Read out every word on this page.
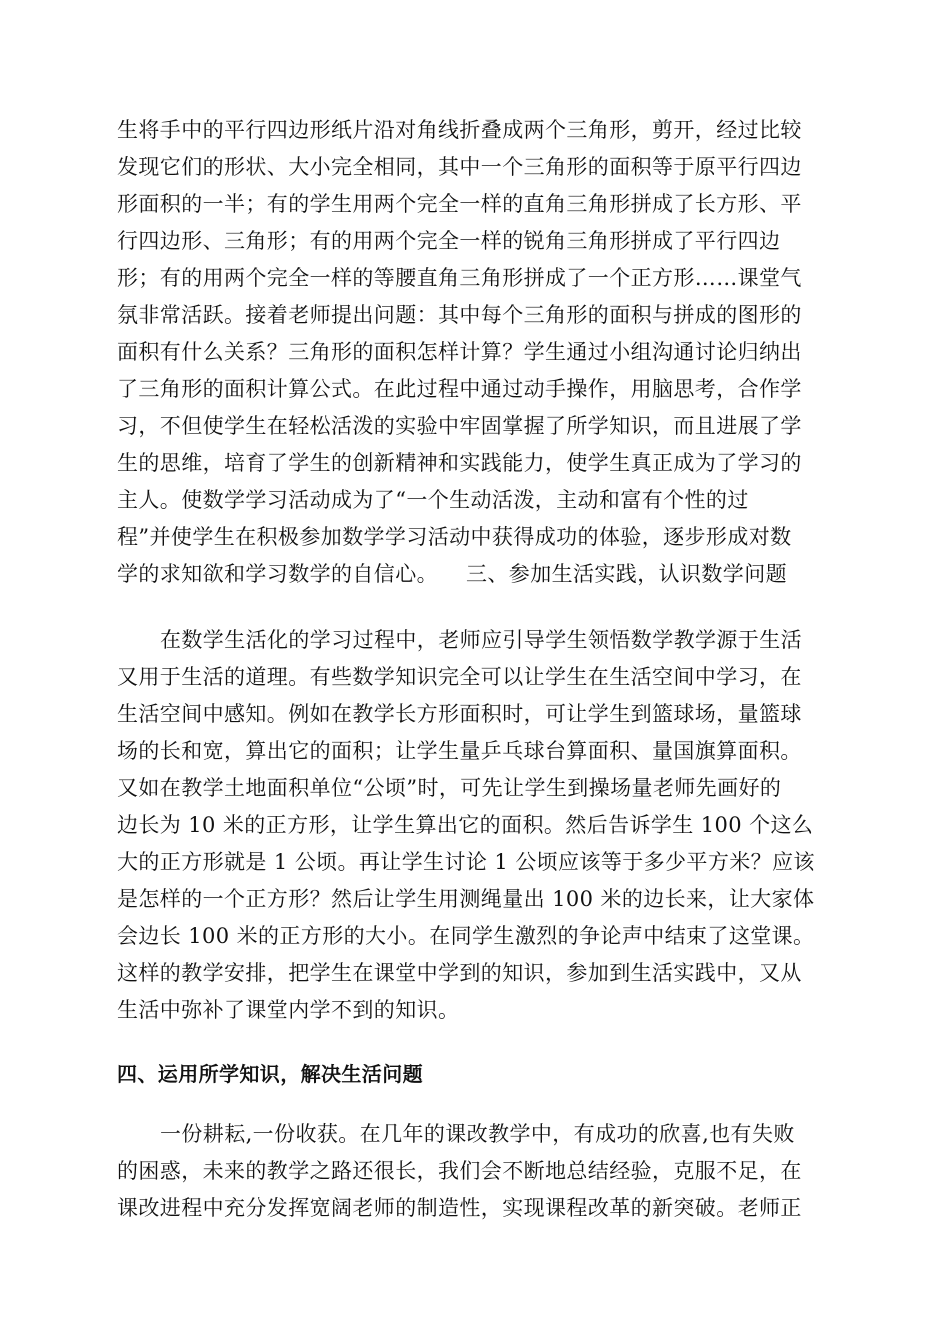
生将手中的平行四边形纸片沿对角线折叠成两个三角形，剪开，经过比较
发现它们的形状、大小完全相同，其中一个三角形的面积等于原平行四边
形面积的一半；有的学生用两个完全一样的直角三角形拼成了长方形、平
行四边形、三角形；有的用两个完全一样的锐角三角形拼成了平行四边
形；有的用两个完全一样的等腰直角三角形拼成了一个正方形……课堂气
氛非常活跃。接着老师提出问题：其中每个三角形的面积与拼成的图形的
面积有什么关系？三角形的面积怎样计算？学生通过小组沟通讨论归纳出
了三角形的面积计算公式。在此过程中通过动手操作，用脑思考，合作学
习，不但使学生在轻松活泼的实验中牢固掌握了所学知识，而且进展了学
生的思维，培育了学生的创新精神和实践能力，使学生真正成为了学习的
主人。使数学学习活动成为了“一个生动活泼，主动和富有个性的过
程”并使学生在积极参加数学学习活动中获得成功的体验，逐步形成对数
学的求知欲和学习数学的自信心。 三、参加生活实践，认识数学问题
在数学生活化的学习过程中，老师应引导学生领悟数学教学源于生活
又用于生活的道理。有些数学知识完全可以让学生在生活空间中学习，在
生活空间中感知。例如在教学长方形面积时，可让学生到篮球场，量篮球
场的长和宽，算出它的面积；让学生量乒乓球台算面积、量国旗算面积。
又如在教学土地面积单位“公顷”时，可先让学生到操场量老师先画好的
边长为 10 米的正方形，让学生算出它的面积。然后告诉学生 100 个这么
大的正方形就是 1 公顷。再让学生讨论 1 公顷应该等于多少平方米？应该
是怎样的一个正方形？然后让学生用测绳量出 100 米的边长来，让大家体
会边长 100 米的正方形的大小。在同学生激烈的争论声中结束了这堂课。
这样的教学安排，把学生在课堂中学到的知识，参加到生活实践中，又从
生活中弥补了课堂内学不到的知识。
四、运用所学知识，解决生活问题
一份耕耘,一份收获。在几年的课改教学中，有成功的欣喜,也有失败
的困惑，未来的教学之路还很长，我们会不断地总结经验，克服不足，在
课改进程中充分发挥宽阔老师的制造性，实现课程改革的新突破。老师正
